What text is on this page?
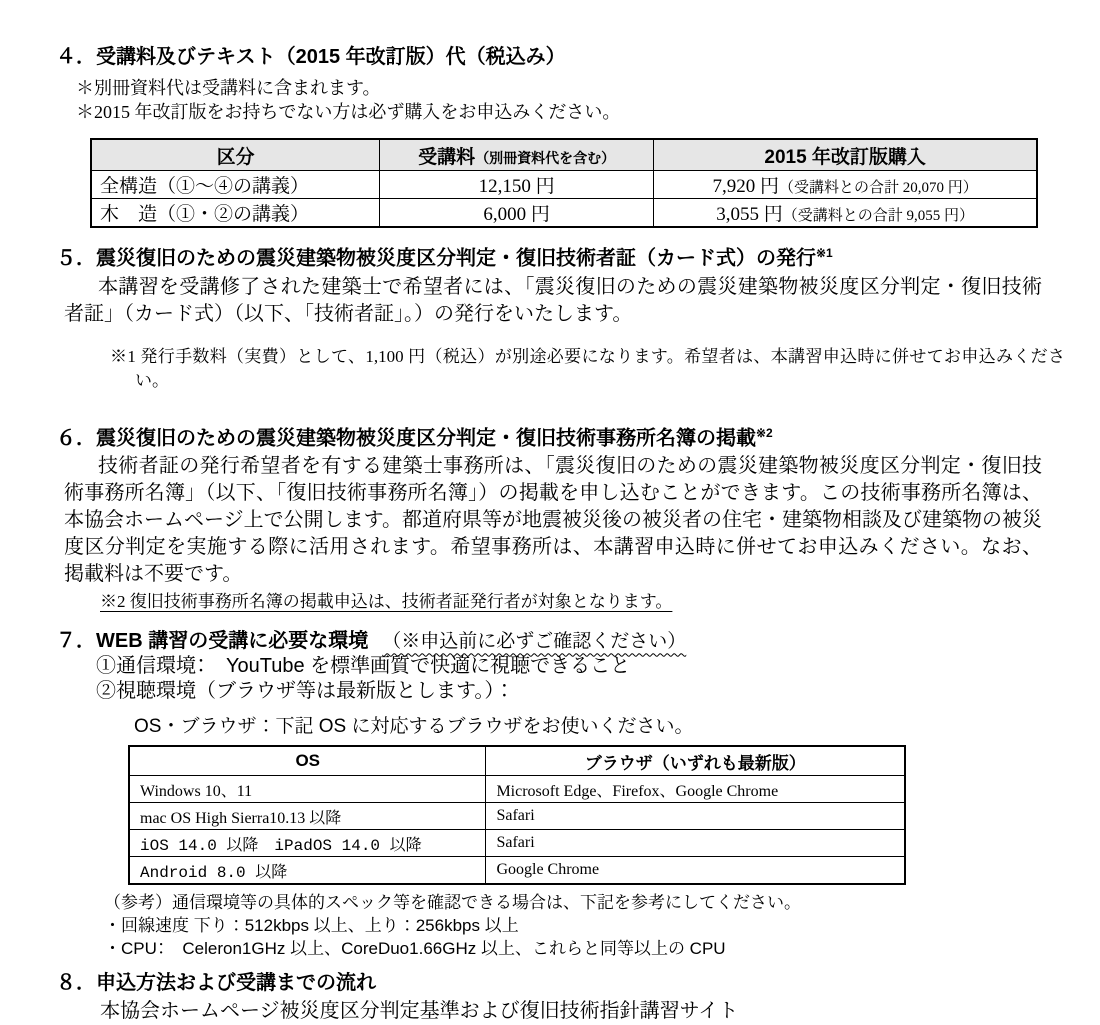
４．受講料及びテキスト（2015 年改訂版）代（税込み）
＊別冊資料代は受講料に含まれます。
＊2015 年改訂版をお持ちでない方は必ず購入をお申込みください。
区分	受講料（別冊資料代を含む）	2015 年改訂版購入
全構造（①～④の講義）	12,150 円	7,920 円（受講料との合計 20,070 円）
木　造（①・②の講義）	6,000 円	3,055 円（受講料との合計 9,055 円）
５．震災復旧のための震災建築物被災度区分判定・復旧技術者証（カード式）の発行$^{※1}$

本講習を受講修了された建築士で希望者には、「震災復旧のための震災建築物被災度区分判定・復旧技術者証」（カード式）（以下、「技術者証」。）の発行をいたします。

※1 発行手数料（実費）として、1,100 円（税込）が別途必要になります。希望者は、本講習申込時に併せてお申込みください。

６．震災復旧のための震災建築物被災度区分判定・復旧技術事務所名簿の掲載$^{※2}$

技術者証の発行希望者を有する建築士事務所は、「震災復旧のための震災建築物被災度区分判定・復旧技術事務所名簿」（以下、「復旧技術事務所名簿」）の掲載を申し込むことができます。この技術事務所名簿は、本協会ホームページ上で公開します。都道府県等が地震被災後の被災者の住宅・建築物相談及び建築物の被災度区分判定を実施する際に活用されます。希望事務所は、本講習申込時に併せてお申込みください。なお、掲載料は不要です。

※2 復旧技術事務所名簿の掲載申込は、技術者証発行者が対象となります。

７．WEB 講習の受講に必要な環境 （※申込前に必ずご確認ください）
①通信環境：　YouTube を標準画質で快適に視聴できること
②視聴環境（ブラウザ等は最新版とします。）：
OS・ブラウザ：下記 OS に対応するブラウザをお使いください。
OS	ブラウザ（いずれも最新版）
Windows 10、11	Microsoft Edge、Firefox、Google Chrome
mac OS High Sierra10.13 以降	Safari
iOS 14.0 以降　iPadOS 14.0 以降	Safari
Android 8.0 以降	Google Chrome
（参考）通信環境等の具体的スペック等を確認できる場合は、下記を参考にしてください。
・回線速度 下り：512kbps 以上、上り：256kbps 以上
・CPU：　Celeron1GHz 以上、CoreDuo1.66GHz 以上、これらと同等以上の CPU
８．申込方法および受講までの流れ

本協会ホームページ被災度区分判定基準および復旧技術指針講習サイト
